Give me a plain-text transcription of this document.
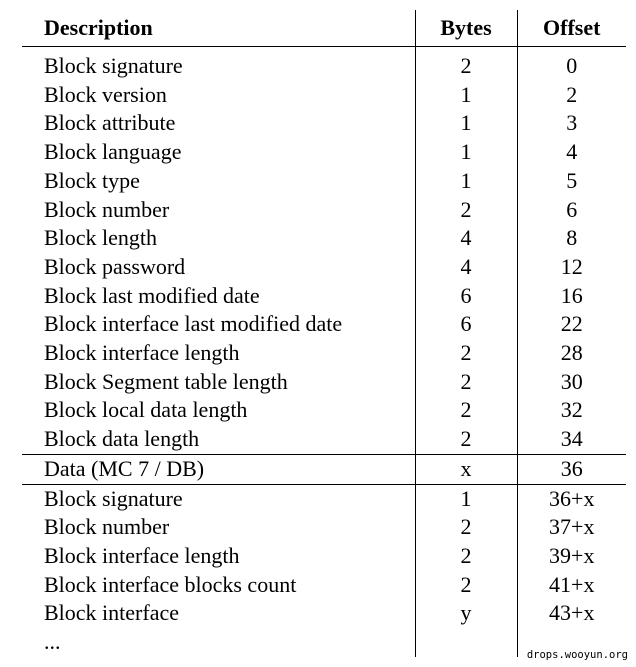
Description	Bytes	Offset

Block signature	2	0
Block version	1	2
Block attribute	1	3
Block language	1	4
Block type	1	5
Block number	2	6
Block length	4	8
Block password	4	12
Block last modified date	6	16
Block interface last modified date	6	22
Block interface length	2	28
Block Segment table length	2	30
Block local data length	2	32
Block data length	2	34
Data (MC 7 / DB)	x	36
Block signature	1	36+x
Block number	2	37+x
Block interface length	2	39+x
Block interface blocks count	2	41+x
Block interface	y	43+x
...		
drops.wooyun.org
